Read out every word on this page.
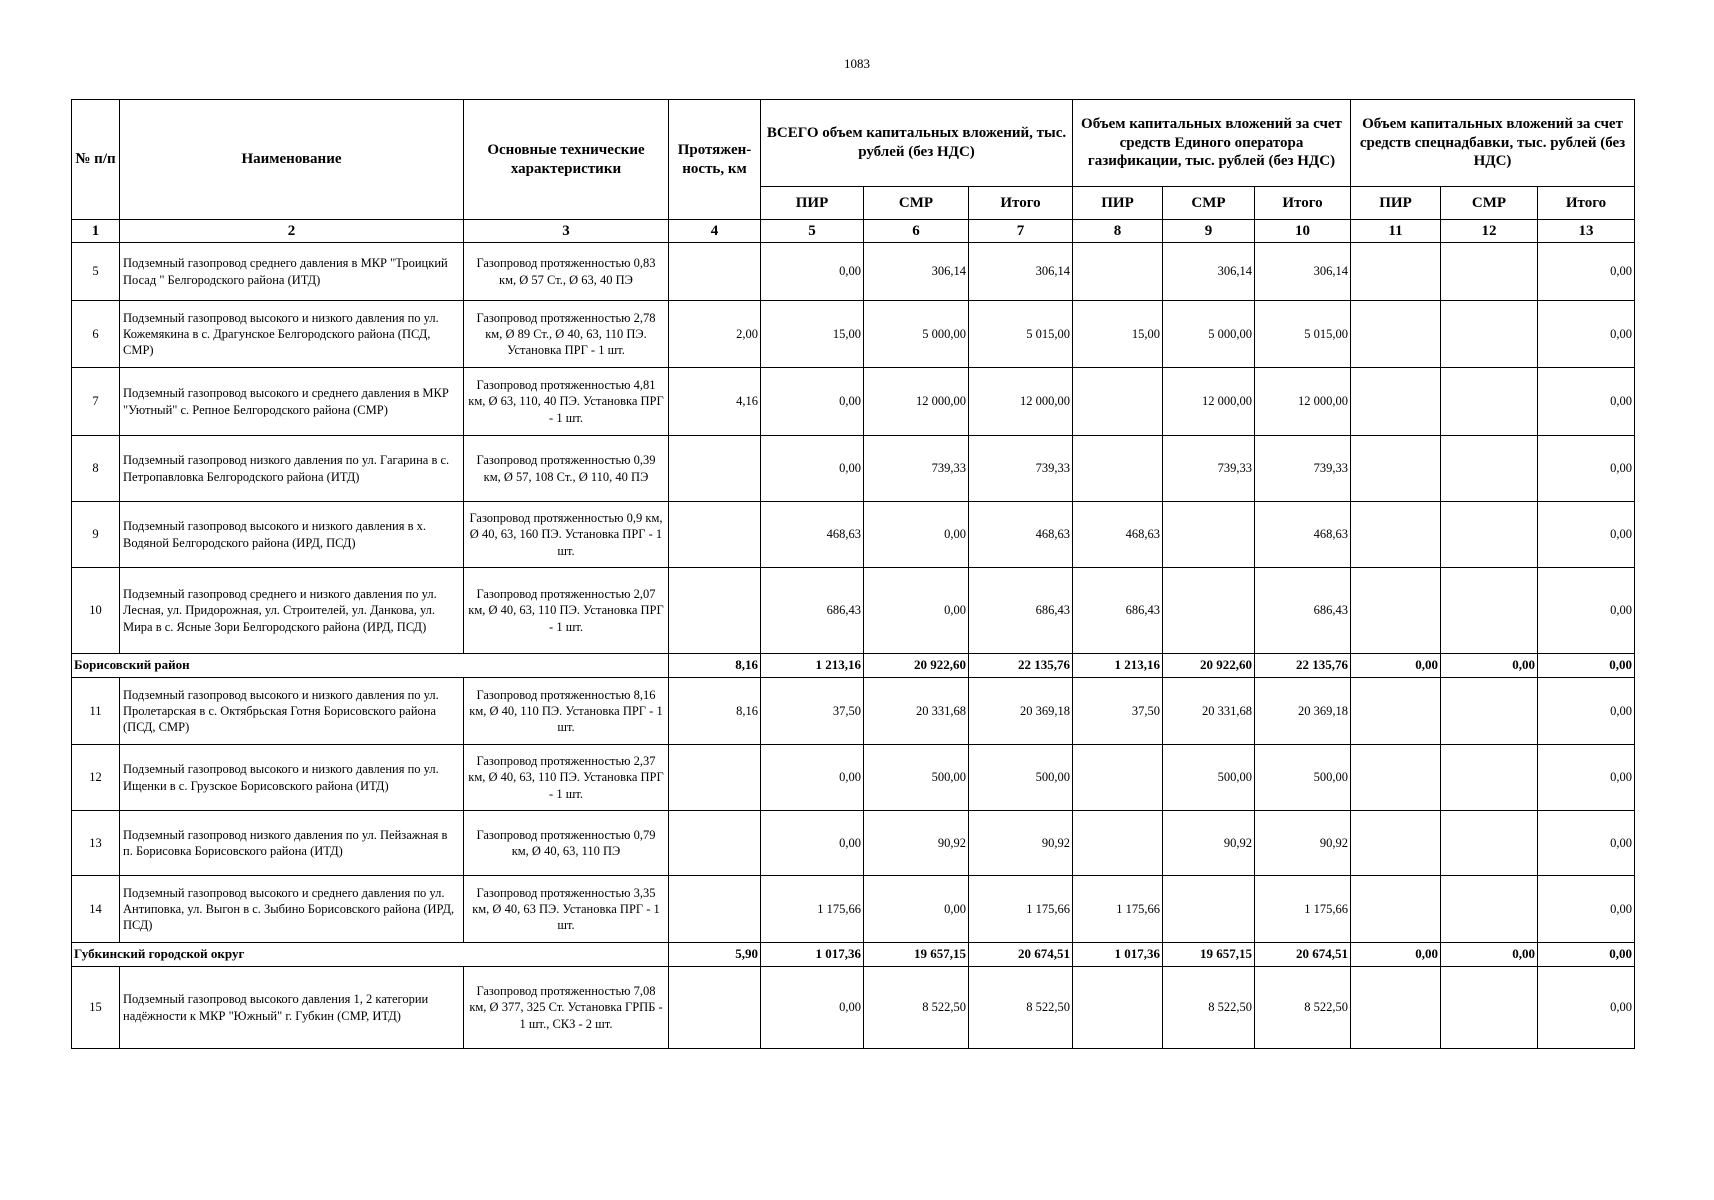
1083
№ п/п	Наименование	Основные технические характеристики	Протяжен-ность, км	ВСЕГО объем капитальных вложений, тыс. рублей (без НДС)			Объем капитальных вложений за счет средств Единого оператора газификации, тыс. рублей (без НДС)			Объем капитальных вложений за счет средств спецнадбавки, тыс. рублей (без НДС)		
				ПИР	СМР	Итого	ПИР	СМР	Итого	ПИР	СМР	Итого
1	2	3	4	5	6	7	8	9	10	11	12	13
5	Подземный газопровод среднего давления в МКР "Троицкий Посад " Белгородского района (ИТД)	Газопровод протяженностью 0,83 км, Ø 57 Ст., Ø 63, 40 ПЭ		0,00	306,14	306,14		306,14	306,14			0,00
6	Подземный газопровод высокого и низкого давления по ул. Кожемякина в с. Драгунское Белгородского района (ПСД, СМР)	Газопровод протяженностью 2,78 км, Ø 89 Ст., Ø 40, 63, 110 ПЭ. Установка ПРГ - 1 шт.	2,00	15,00	5 000,00	5 015,00	15,00	5 000,00	5 015,00			0,00
7	Подземный газопровод высокого и среднего давления в МКР "Уютный" с. Репное Белгородского района (СМР)	Газопровод протяженностью 4,81 км, Ø 63, 110, 40 ПЭ. Установка ПРГ - 1 шт.	4,16	0,00	12 000,00	12 000,00		12 000,00	12 000,00			0,00
8	Подземный газопровод низкого давления по ул. Гагарина в с. Петропавловка Белгородского района (ИТД)	Газопровод протяженностью 0,39 км, Ø 57, 108 Ст., Ø 110, 40 ПЭ		0,00	739,33	739,33		739,33	739,33			0,00
9	Подземный газопровод высокого и низкого давления в х. Водяной Белгородского района (ИРД, ПСД)	Газопровод протяженностью 0,9 км, Ø 40, 63, 160 ПЭ. Установка ПРГ - 1 шт.		468,63	0,00	468,63	468,63		468,63			0,00
10	Подземный газопровод среднего и низкого давления по ул. Лесная, ул. Придорожная, ул. Строителей, ул. Данкова, ул. Мира в с. Ясные Зори Белгородского района (ИРД, ПСД)	Газопровод протяженностью 2,07 км, Ø 40, 63, 110 ПЭ. Установка ПРГ - 1 шт.		686,43	0,00	686,43	686,43		686,43			0,00
Борисовский район			8,16	1 213,16	20 922,60	22 135,76	1 213,16	20 922,60	22 135,76	0,00	0,00	0,00
11	Подземный газопровод высокого и низкого давления по ул. Пролетарская в с. Октябрьская Готня Борисовского района (ПСД, СМР)	Газопровод протяженностью 8,16 км, Ø 40, 110 ПЭ. Установка ПРГ - 1 шт.	8,16	37,50	20 331,68	20 369,18	37,50	20 331,68	20 369,18			0,00
12	Подземный газопровод высокого и низкого давления по ул. Ищенки в с. Грузское Борисовского района (ИТД)	Газопровод протяженностью 2,37 км, Ø 40, 63, 110 ПЭ. Установка ПРГ - 1 шт.		0,00	500,00	500,00		500,00	500,00			0,00
13	Подземный газопровод низкого давления по ул. Пейзажная в п. Борисовка Борисовского района (ИТД)	Газопровод протяженностью 0,79 км, Ø 40, 63, 110 ПЭ		0,00	90,92	90,92		90,92	90,92			0,00
14	Подземный газопровод высокого и среднего давления по ул. Антиповка, ул. Выгон в с. Зыбино Борисовского района (ИРД, ПСД)	Газопровод протяженностью 3,35 км, Ø 40, 63 ПЭ. Установка ПРГ - 1 шт.		1 175,66	0,00	1 175,66	1 175,66		1 175,66			0,00
Губкинский городской округ			5,90	1 017,36	19 657,15	20 674,51	1 017,36	19 657,15	20 674,51	0,00	0,00	0,00
15	Подземный газопровод высокого давления 1, 2 категории надёжности к МКР "Южный" г. Губкин (СМР, ИТД)	Газопровод протяженностью 7,08 км, Ø 377, 325 Ст. Установка ГРПБ - 1 шт., СКЗ - 2 шт.		0,00	8 522,50	8 522,50		8 522,50	8 522,50			0,00
